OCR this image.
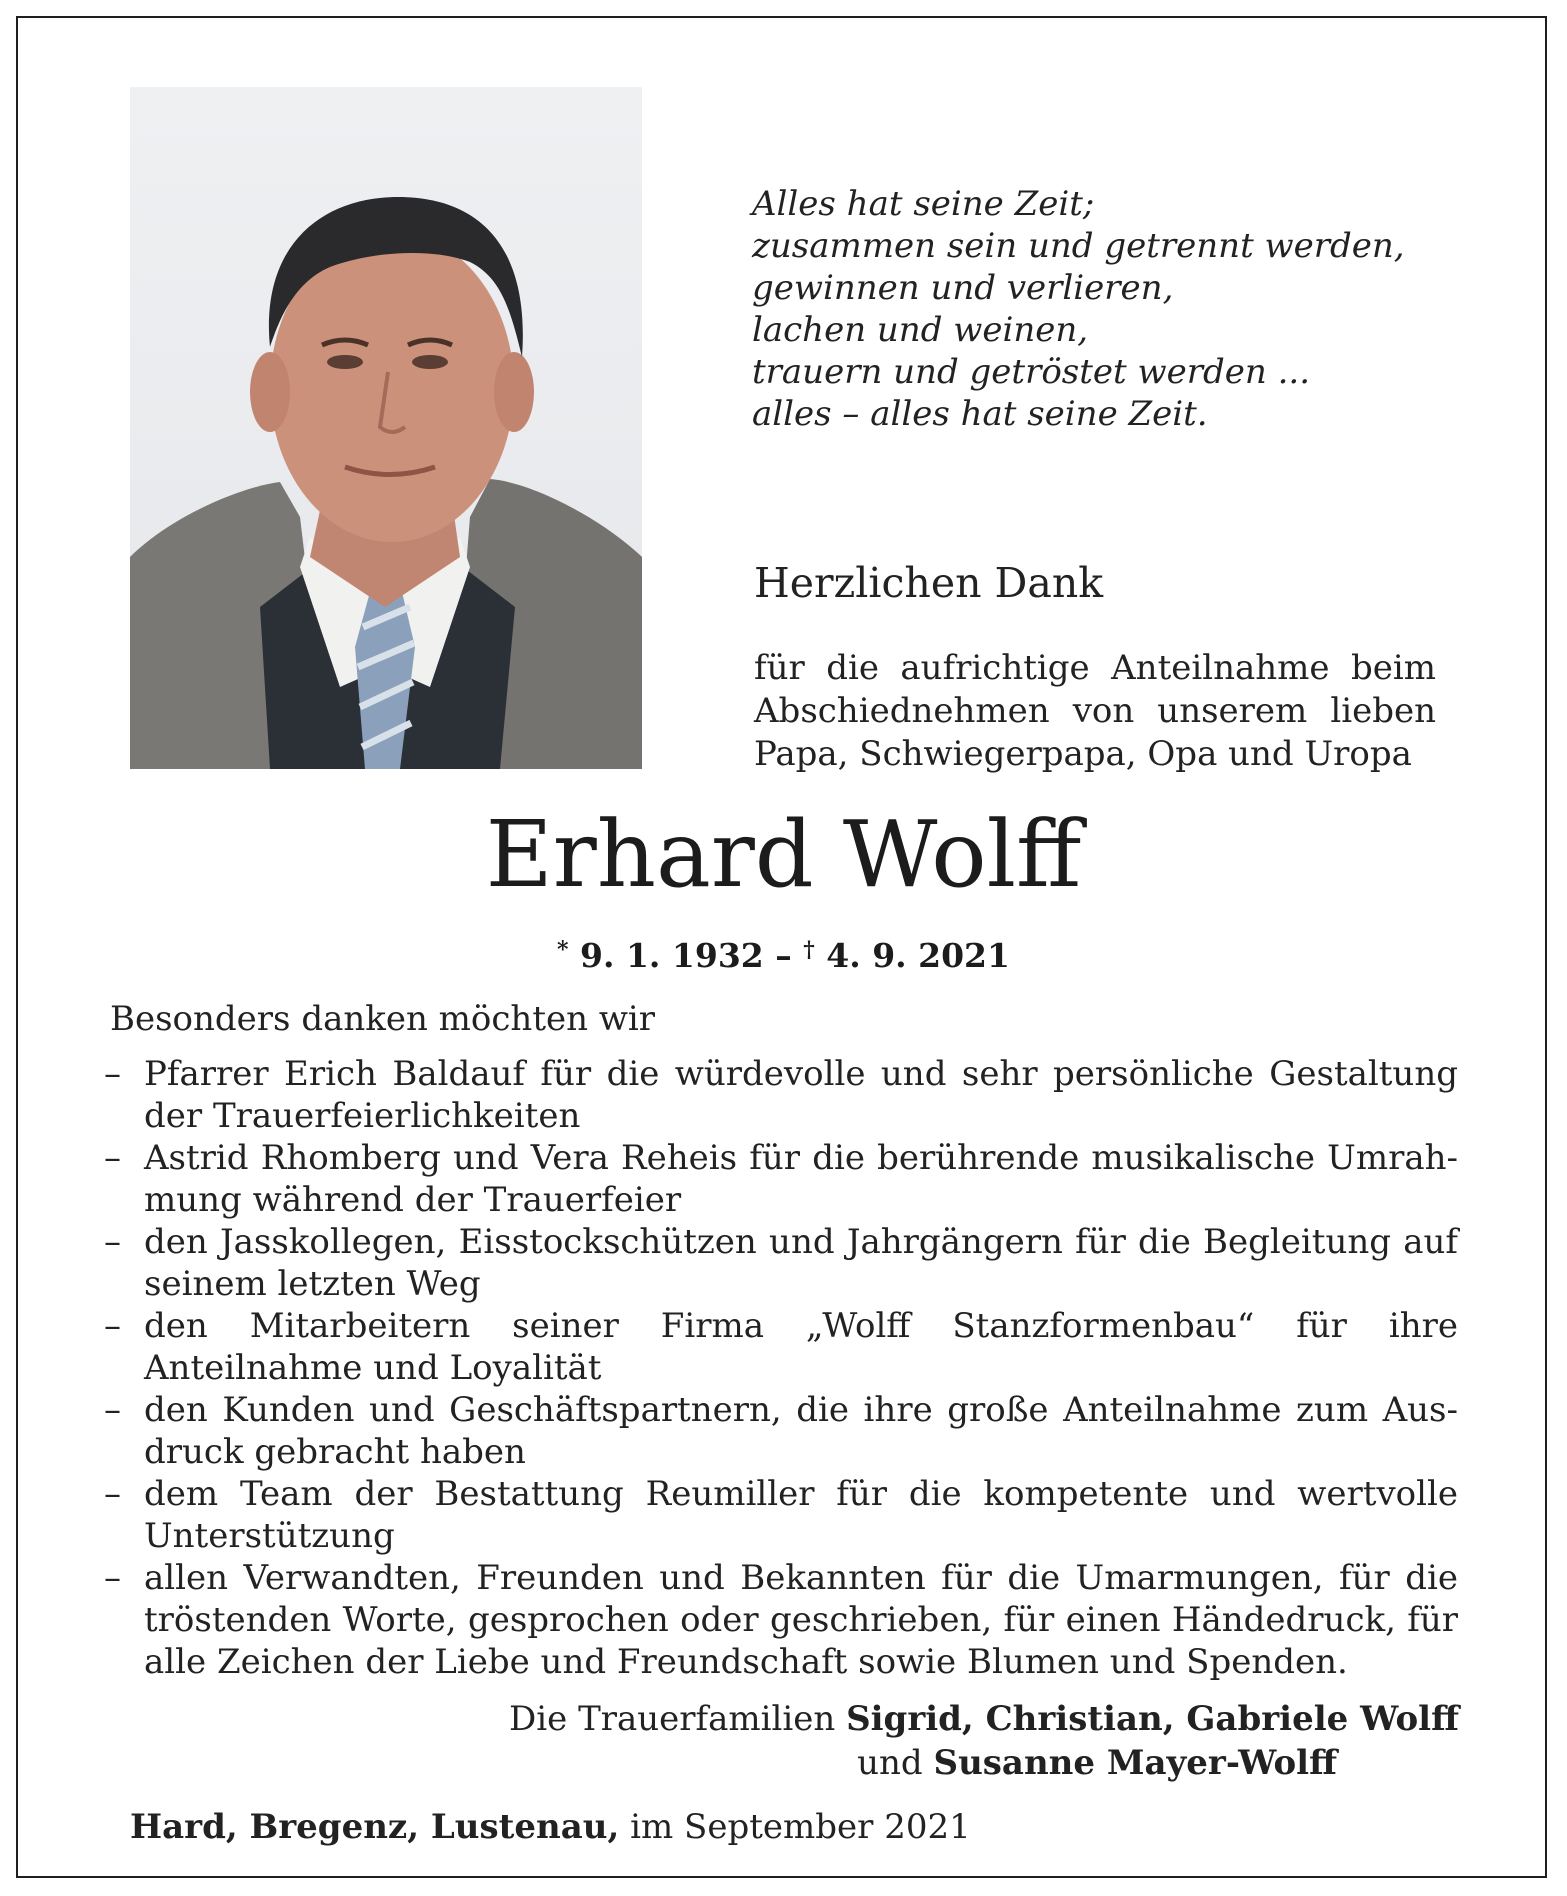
Alles hat seine Zeit;
zusammen sein und getrennt werden,
gewinnen und verlieren,
lachen und weinen,
trauern und getröstet werden ...
alles – alles hat seine Zeit.
Herzlichen Dank
für die aufrichtige Anteilnahme beim
Abschiednehmen von unserem lieben
Papa, Schwiegerpapa, Opa und Uropa
Erhard Wolff
* 9. 1. 1932 – † 4. 9. 2021
Besonders danken möchten wir
– Pfarrer Erich Baldauf für die würdevolle und sehr persönliche Gestaltung der Trauerfeierlichkeiten
– Astrid Rhomberg und Vera Reheis für die berührende musikalische Umrahmung während der Trauerfeier
– den Jasskollegen, Eisstockschützen und Jahrgängern für die Begleitung auf seinem letzten Weg
– den Mitarbeitern seiner Firma „Wolff Stanzformenbau“ für ihre Anteilnahme und Loyalität
– den Kunden und Geschäftspartnern, die ihre große Anteilnahme zum Ausdruck gebracht haben
– dem Team der Bestattung Reumiller für die kompetente und wertvolle Unterstützung
– allen Verwandten, Freunden und Bekannten für die Umarmungen, für die tröstenden Worte, gesprochen oder geschrieben, für einen Händedruck, für alle Zeichen der Liebe und Freundschaft sowie Blumen und Spenden.
Die Trauerfamilien Sigrid, Christian, Gabriele Wolff
und Susanne Mayer-Wolff
Hard, Bregenz, Lustenau, im September 2021
